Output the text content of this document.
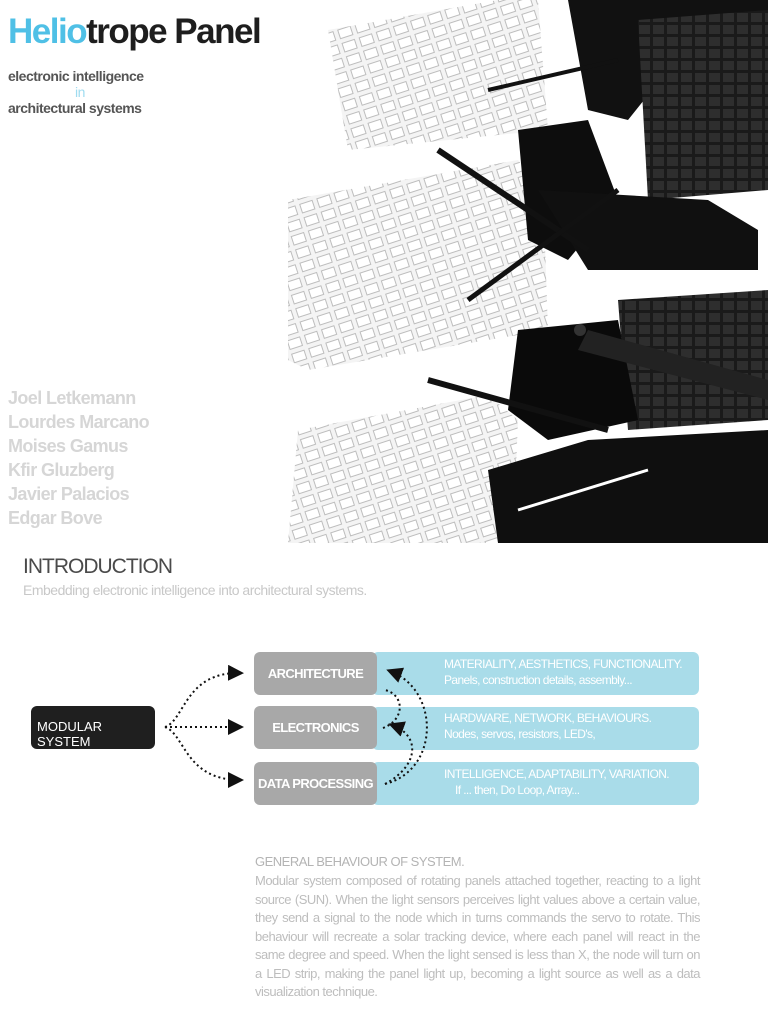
Heliotrope Panel
electronic intelligence
in
architectural systems
Joel Letkemann
Lourdes Marcano
Moises Gamus
Kfir Gluzberg
Javier Palacios
Edgar Bove
INTRODUCTION
Embedding electronic intelligence into architectural systems.
MATERIALITY, AESTHETICS, FUNCTIONALITY.
Panels, construction details, assembly...
HARDWARE, NETWORK, BEHAVIOURS.
Nodes, servos, resistors, LED's,
INTELLIGENCE, ADAPTABILITY, VARIATION.
If ... then, Do Loop, Array...
ARCHITECTURE
ELECTRONICS
DATA PROCESSING
MODULAR SYSTEM
GENERAL BEHAVIOUR OF SYSTEM.
Modular system composed of rotating panels attached together, reacting to a light source (SUN). When the light sensors perceives light values above a certain value, they send a signal to the node which in turns commands the servo to rotate. This behaviour will recreate a solar tracking device, where each panel will react in the same degree and speed. When the light sensed is less than X, the node will turn on a LED strip, making the panel light up, becoming a light source as well as a data visualization technique.
